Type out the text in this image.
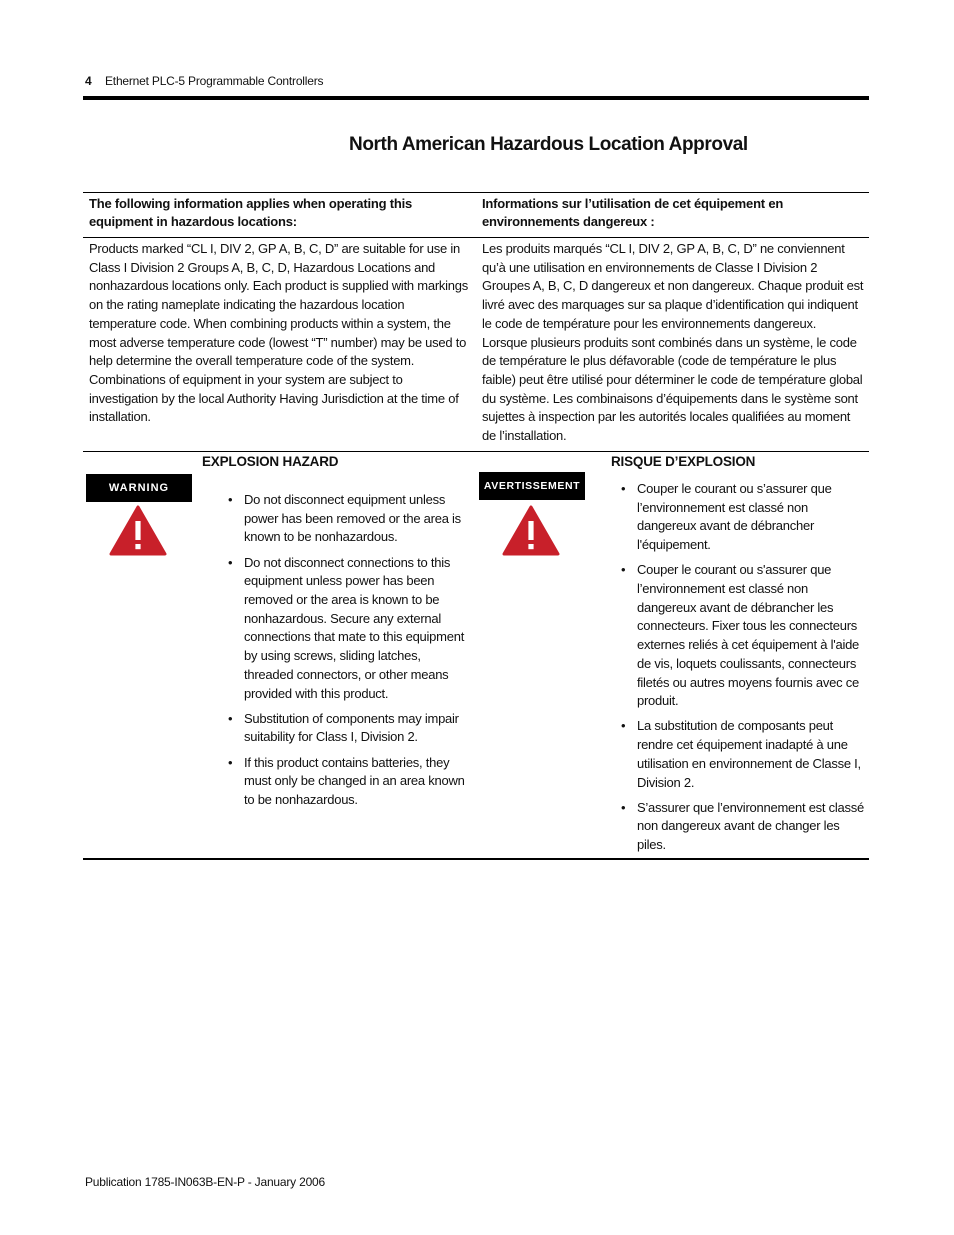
4 Ethernet PLC-5 Programmable Controllers
North American Hazardous Location Approval
The following information applies when operating this equipment in hazardous locations:
Informations sur l’utilisation de cet équipement en environnements dangereux :
Products marked “CL I, DIV 2, GP A, B, C, D” are suitable for use in Class I Division 2 Groups A, B, C, D, Hazardous Locations and nonhazardous locations only. Each product is supplied with markings on the rating nameplate indicating the hazardous location temperature code. When combining products within a system, the most adverse temperature code (lowest “T” number) may be used to help determine the overall temperature code of the system. Combinations of equipment in your system are subject to investigation by the local Authority Having Jurisdiction at the time of installation.
Les produits marqués “CL I, DIV 2, GP A, B, C, D” ne conviennent qu’à une utilisation en environnements de Classe I Division 2 Groupes A, B, C, D dangereux et non dangereux. Chaque produit est livré avec des marquages sur sa plaque d’identification qui indiquent le code de température pour les environnements dangereux. Lorsque plusieurs produits sont combinés dans un système, le code de température le plus défavorable (code de température le plus faible) peut être utilisé pour déterminer le code de température global du système. Les combinaisons d’équipements dans le système sont sujettes à inspection par les autorités locales qualifiées au moment de l’installation.
WARNING
EXPLOSION HAZARD
• Do not disconnect equipment unless power has been removed or the area is known to be nonhazardous.
• Do not disconnect connections to this equipment unless power has been removed or the area is known to be nonhazardous. Secure any external connections that mate to this equipment by using screws, sliding latches, threaded connectors, or other means provided with this product.
• Substitution of components may impair suitability for Class I, Division 2.
• If this product contains batteries, they must only be changed in an area known to be nonhazardous.
AVERTISSEMENT
RISQUE D’EXPLOSION
• Couper le courant ou s’assurer que l’environnement est classé non dangereux avant de débrancher l'équipement.
• Couper le courant ou s'assurer que l’environnement est classé non dangereux avant de débrancher les connecteurs. Fixer tous les connecteurs externes reliés à cet équipement à l'aide de vis, loquets coulissants, connecteurs filetés ou autres moyens fournis avec ce produit.
• La substitution de composants peut rendre cet équipement inadapté à une utilisation en environnement de Classe I, Division 2.
• S’assurer que l’environnement est classé non dangereux avant de changer les piles.
Publication 1785-IN063B-EN-P - January 2006
